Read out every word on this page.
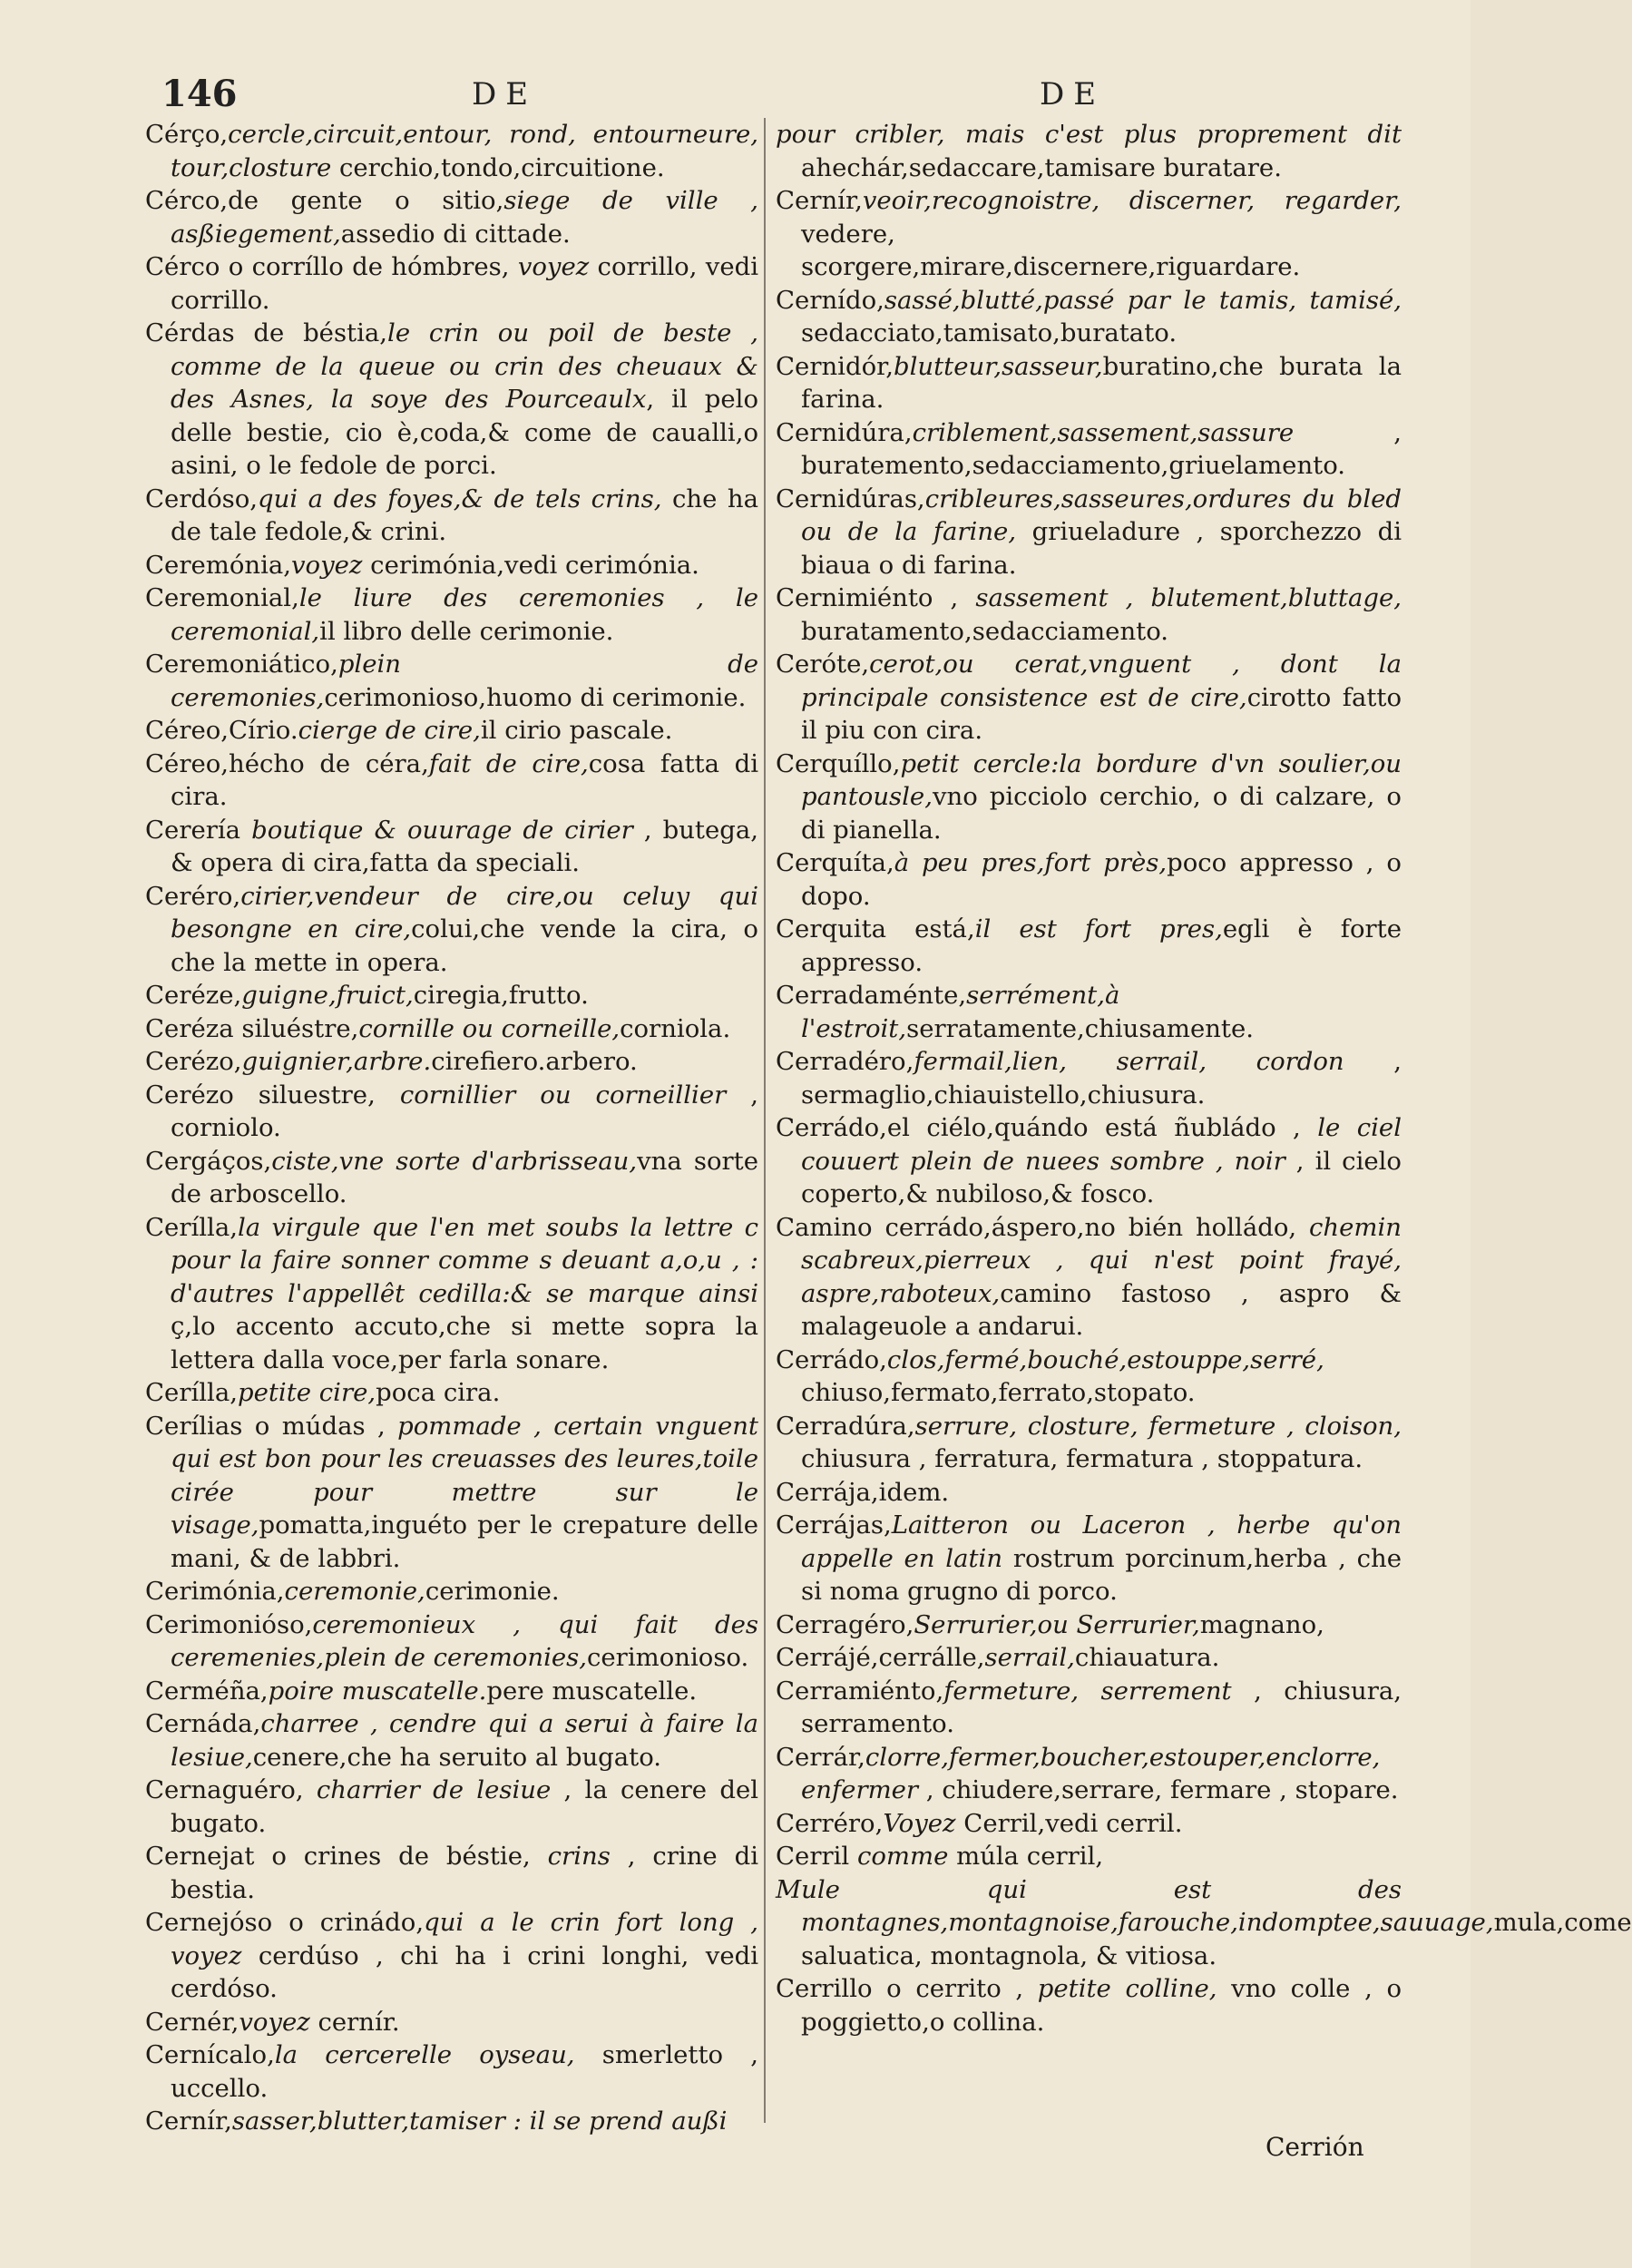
146	DE	DE

Cérço,cercle,circuit,entour, rond, entourneure, tour,closture cerchio,tondo,circuitione.

Cérco,de gente o sitio,siege de ville , asßiegement,assedio di cittade.

Cérco o corríllo de hómbres, voyez corrillo, vedi corrillo.

Cérdas de béstia,le crin ou poil de beste , comme de la queue ou crin des cheuaux & des Asnes, la soye des Pourceaulx, il pelo delle bestie, cio è,coda,& come de caualli,o asini, o le fedole de porci.

Cerdóso,qui a des foyes,& de tels crins, che ha de tale fedole,& crini.

Ceremónia,voyez cerimónia,vedi cerimónia.

Ceremonial,le liure des ceremonies , le ceremonial,il libro delle cerimonie.

Ceremoniático,plein de ceremonies,cerimonioso,huomo di cerimonie.

Céreo,Círio.cierge de cire,il cirio pascale.

Céreo,hécho de céra,fait de cire,cosa fatta di cira.

Cerería boutique & ouurage de cirier , butega, & opera di cira,fatta da speciali.

Ceréro,cirier,vendeur de cire,ou celuy qui besongne en cire,colui,che vende la cira, o che la mette in opera.

Ceréze,guigne,fruict,ciregia,frutto.

Ceréza siluéstre,cornille ou corneille,corniola.

Cerézo,guignier,arbre.cirefiero.arbero.

Cerézo siluestre, cornillier ou corneillier , corniolo.

Cergáços,ciste,vne sorte d'arbrisseau,vna sorte de arboscello.

Cerílla,la virgule que l'en met soubs la lettre c pour la faire sonner comme s deuant a,o,u , : d'autres l'appellêt cedilla:& se marque ainsi ç,lo accento accuto,che si mette sopra la lettera dalla voce,per farla sonare.

Cerílla,petite cire,poca cira.

Cerílias o múdas , pommade , certain vnguent qui est bon pour les creuasses des leures,toile cirée pour mettre sur le visage,pomatta,inguéto per le crepature delle mani, & de labbri.

Cerimónia,ceremonie,cerimonie.

Cerimonióso,ceremonieux , qui fait des ceremenies,plein de ceremonies,cerimonioso.

Cerméña,poire muscatelle.pere muscatelle.

Cernáda,charree , cendre qui a serui à faire la lesiue,cenere,che ha seruito al bugato.

Cernaguéro, charrier de lesiue , la cenere del bugato.

Cernejat o crines de béstie, crins , crine di bestia.

Cernejóso o crinádo,qui a le crin fort long , voyez cerdúso , chi ha i crini longhi, vedi cerdóso.

Cernér,voyez cernír.

Cernícalo,la cercerelle oyseau, smerletto , uccello.

Cernír,sasser,blutter,tamiser : il se prend außi

pour cribler, mais c'est plus proprement dit ahechár,sedaccare,tamisare buratare.

Cernír,veoir,recognoistre, discerner, regarder, vedere, scorgere,mirare,discernere,riguardare.

Cernído,sassé,blutté,passé par le tamis, tamisé, sedacciato,tamisato,buratato.

Cernidór,blutteur,sasseur,buratino,che burata la farina.

Cernidúra,criblement,sassement,sassure , buratemento,sedacciamento,griuelamento.

Cernidúras,cribleures,sasseures,ordures du bled ou de la farine, griueladure , sporchezzo di biaua o di farina.

Cernimiénto , sassement , blutement,bluttage, buratamento,sedacciamento.

Ceróte,cerot,ou cerat,vnguent , dont la principale consistence est de cire,cirotto fatto il piu con cira.

Cerquíllo,petit cercle:la bordure d'vn soulier,ou pantousle,vno picciolo cerchio, o di calzare, o di pianella.

Cerquíta,à peu pres,fort près,poco appresso , o dopo.

Cerquita está,il est fort pres,egli è forte appresso.

Cerradaménte,serrément,à l'estroit,serratamente,chiusamente.

Cerradéro,fermail,lien, serrail, cordon , sermaglio,chiauistello,chiusura.

Cerrádo,el ciélo,quándo está ñubládo , le ciel couuert plein de nuees sombre , noir , il cielo coperto,& nubiloso,& fosco.

Camino cerrádo,áspero,no bién holládo, chemin scabreux,pierreux , qui n'est point frayé, aspre,raboteux,camino fastoso , aspro & malageuole a andarui.

Cerrádo,clos,fermé,bouché,estouppe,serré, chiuso,fermato,ferrato,stopato.

Cerradúra,serrure, closture, fermeture , cloison, chiusura , ferratura, fermatura , stoppatura.

Cerrája,idem.

Cerrájas,Laitteron ou Laceron , herbe qu'on appelle en latin rostrum porcinum,herba , che si noma grugno di porco.

Cerragéro,Serrurier,ou Serrurier,magnano,

Cerrájé,cerrálle,serrail,chiauatura.

Cerramiénto,fermeture, serrement , chiusura, serramento.

Cerrár,clorre,fermer,boucher,estouper,enclorre, enfermer , chiudere,serrare, fermare , stopare.

Cerréro,Voyez Cerril,vedi cerril.

Cerril comme múla cerril,

Mule qui est des montagnes,montagnoise,farouche,indomptee,sauuage,mula,come saluatica, montagnola, & vitiosa.

Cerrillo o cerrito , petite colline, vno colle , o poggietto,o collina.

Cerrión
